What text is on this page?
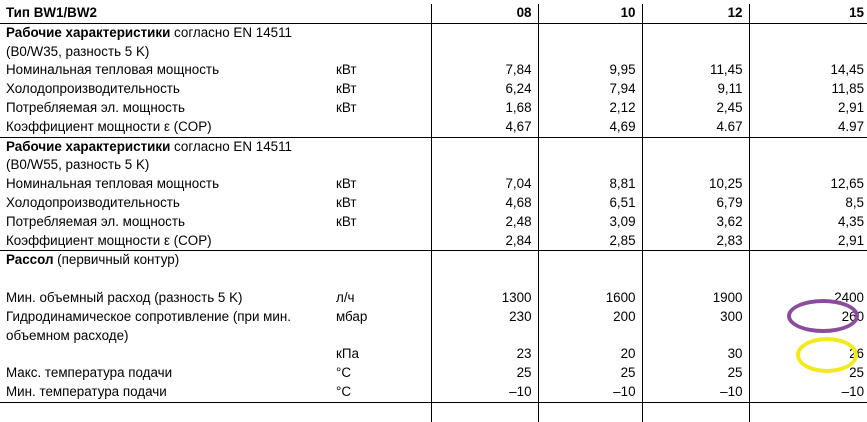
Тип BW1/BW2		08	10	12	15
Рабочие характеристики согласно EN 14511					
(B0/W35, разность 5 K)					
Номинальная тепловая мощность	кВт	7,84	9,95	11,45	14,45
Холодопроизводительность	кВт	6,24	7,94	9,11	11,85
Потребляемая эл. мощность	кВт	1,68	2,12	2,45	2,91
Коэффициент мощности ε (COP)		4,67	4,69	4.67	4.97
Рабочие характеристики согласно EN 14511					
(B0/W55, разность 5 K)					
Номинальная тепловая мощность	кВт	7,04	8,81	10,25	12,65
Холодопроизводительность	кВт	4,68	6,51	6,79	8,5
Потребляемая эл. мощность	кВт	2,48	3,09	3,62	4,35
Коэффициент мощности ε (COP)		2,84	2,85	2,83	2,91
Рассол (первичный контур)					

Мин. объемный расход (разность 5 K)	л/ч	1300	1600	1900	2400
Гидродинамическое сопротивление (при мин.	мбар	230	200	300	260
объемном расходе)					
	кПа	23	20	30	26
Макс. температура подачи	°C	25	25	25	25
Мин. температура подачи	°C	–10	–10	–10	–10
